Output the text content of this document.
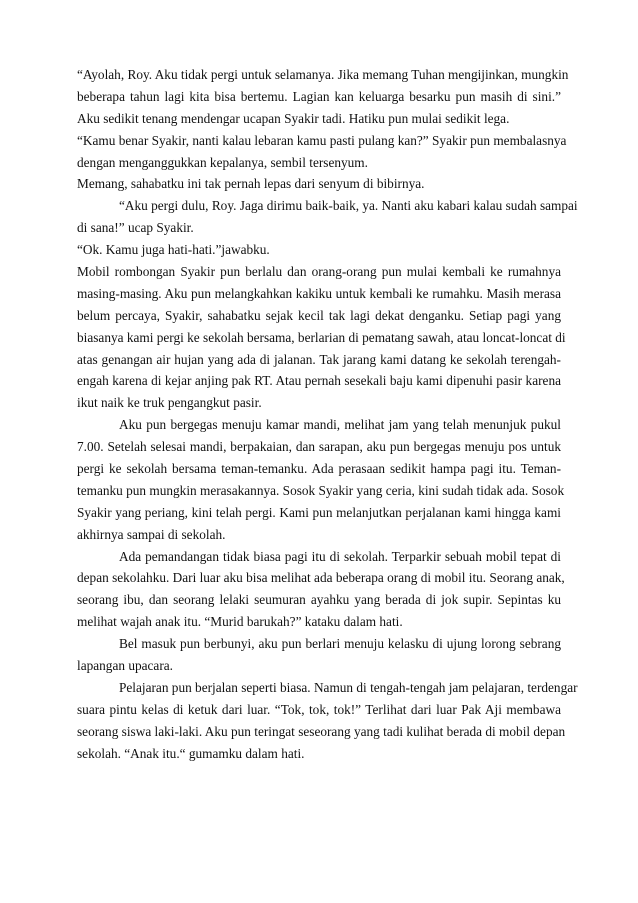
“Ayolah, Roy. Aku tidak pergi untuk selamanya. Jika memang Tuhan mengijinkan, mungkin
beberapa tahun lagi kita bisa bertemu. Lagian kan keluarga besarku pun masih di sini.”
Aku sedikit tenang mendengar ucapan Syakir tadi. Hatiku pun mulai sedikit lega.
“Kamu benar Syakir, nanti kalau lebaran kamu pasti pulang kan?” Syakir pun membalasnya
dengan menganggukkan kepalanya, sembil tersenyum.
Memang, sahabatku ini tak pernah lepas dari senyum di bibirnya.
“Aku pergi dulu, Roy. Jaga dirimu baik-baik, ya. Nanti aku kabari kalau sudah sampai
di sana!” ucap Syakir.
“Ok. Kamu juga hati-hati.”jawabku.
Mobil rombongan Syakir pun berlalu dan orang-orang pun mulai kembali ke rumahnya
masing-masing. Aku pun melangkahkan kakiku untuk kembali ke rumahku. Masih merasa
belum percaya, Syakir, sahabatku sejak kecil tak lagi dekat denganku. Setiap pagi yang
biasanya kami pergi ke sekolah bersama, berlarian di pematang sawah, atau loncat-loncat di
atas genangan air hujan yang ada di jalanan. Tak jarang kami datang ke sekolah terengah-
engah karena di kejar anjing pak RT. Atau pernah sesekali baju kami dipenuhi pasir karena
ikut naik ke truk pengangkut pasir.
Aku pun bergegas menuju kamar mandi, melihat jam yang telah menunjuk pukul
7.00. Setelah selesai mandi, berpakaian, dan sarapan, aku pun bergegas menuju pos untuk
pergi ke sekolah bersama teman-temanku. Ada perasaan sedikit hampa pagi itu. Teman-
temanku pun mungkin merasakannya. Sosok Syakir yang ceria, kini sudah tidak ada. Sosok
Syakir yang periang, kini telah pergi. Kami pun melanjutkan perjalanan kami hingga kami
akhirnya sampai di sekolah.
Ada pemandangan tidak biasa pagi itu di sekolah. Terparkir sebuah mobil tepat di
depan sekolahku. Dari luar aku bisa melihat ada beberapa orang di mobil itu. Seorang anak,
seorang ibu, dan seorang lelaki seumuran ayahku yang berada di jok supir. Sepintas ku
melihat wajah anak itu. “Murid barukah?” kataku dalam hati.
Bel masuk pun berbunyi, aku pun berlari menuju kelasku di ujung lorong sebrang
lapangan upacara.
Pelajaran pun berjalan seperti biasa. Namun di tengah-tengah jam pelajaran, terdengar
suara pintu kelas di ketuk dari luar. “Tok, tok, tok!” Terlihat dari luar Pak Aji membawa
seorang siswa laki-laki. Aku pun teringat seseorang yang tadi kulihat berada di mobil depan
sekolah. “Anak itu.“ gumamku dalam hati.
